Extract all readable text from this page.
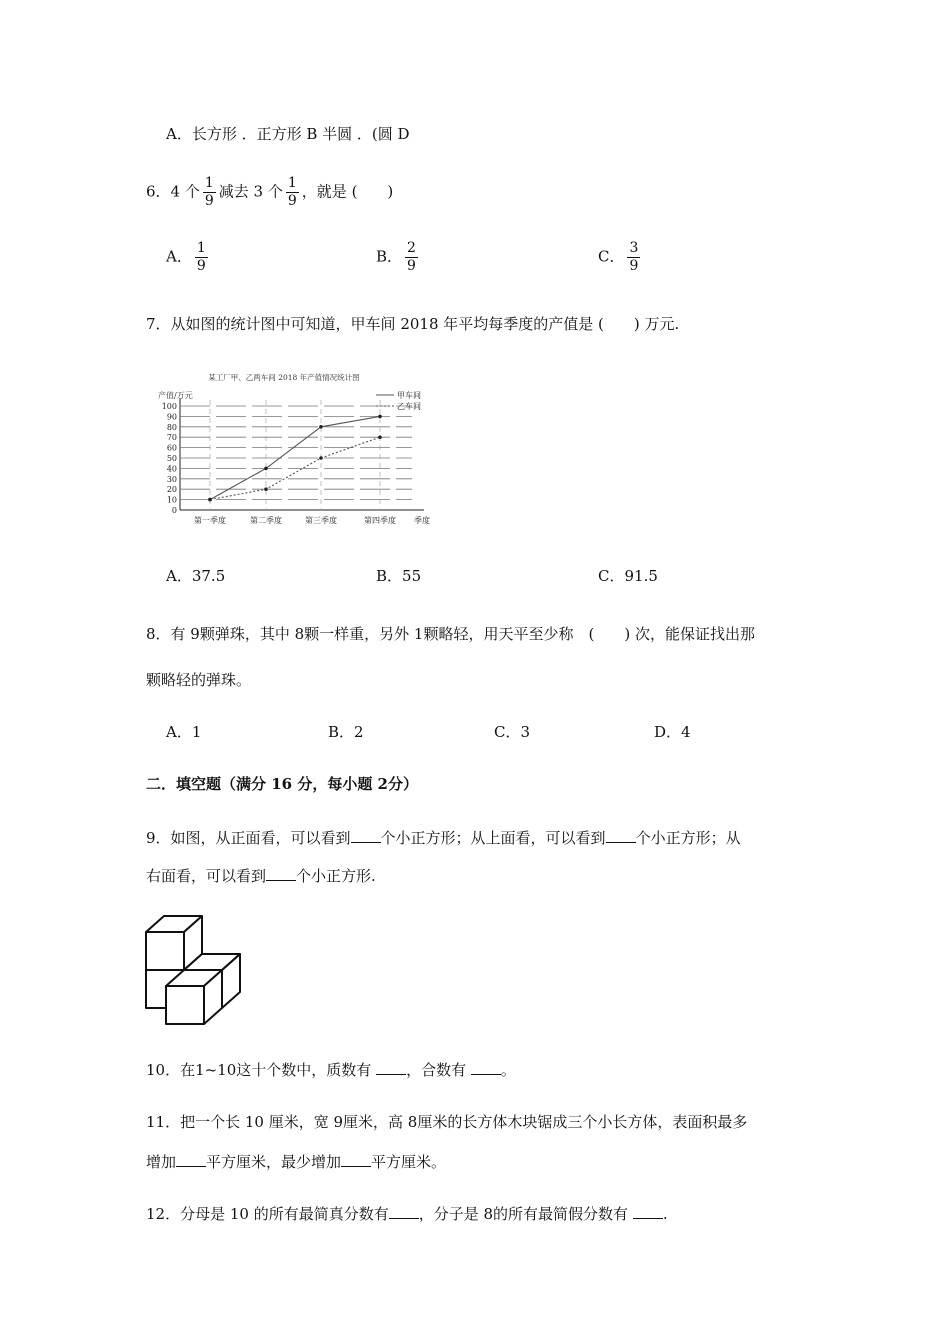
A．长方形 ．正方形 B 半圆 ．(圆 D
6．4 个 $\frac{1}{9}$ 减去 3 个 $\frac{1}{9}$ ，就是 (　　)
A． $\frac{1}{9}$	B． $\frac{2}{9}$	C． $\frac{3}{9}$
7．从如图的统计图中可知道，甲车间 2018 年平均每季度的产值是 (　　) 万元.
某工厂甲、乙两车间 2018 年产值情况统计图
产值/万元
0
10
20
30
40
50
60
70
80
90
100
第一季度	第二季度	第三季度	第四季度 季度
甲车间
乙车间
A．37.5	B．55	C．91.5
8．有 9颗弹珠，其中 8颗一样重，另外 1颗略轻，用天平至少称　(　　) 次，能保证找出那
颗略轻的弹珠。
A．1	B．2	C．3	D．4
二．填空题（满分 16 分，每小题 2分）
9．如图，从正面看，可以看到 个小正方形；从上面看，可以看到 个小正方形；从
右面看，可以看到 个小正方形.
10．在1~10这十个数中，质数有 ，合数有 。
11．把一个长 10 厘米，宽 9厘米，高 8厘米的长方体木块锯成三个小长方体，表面积最多
增加 平方厘米，最少增加 平方厘米。
12．分母是 10 的所有最简真分数有 ，分子是 8的所有最简假分数有 .
